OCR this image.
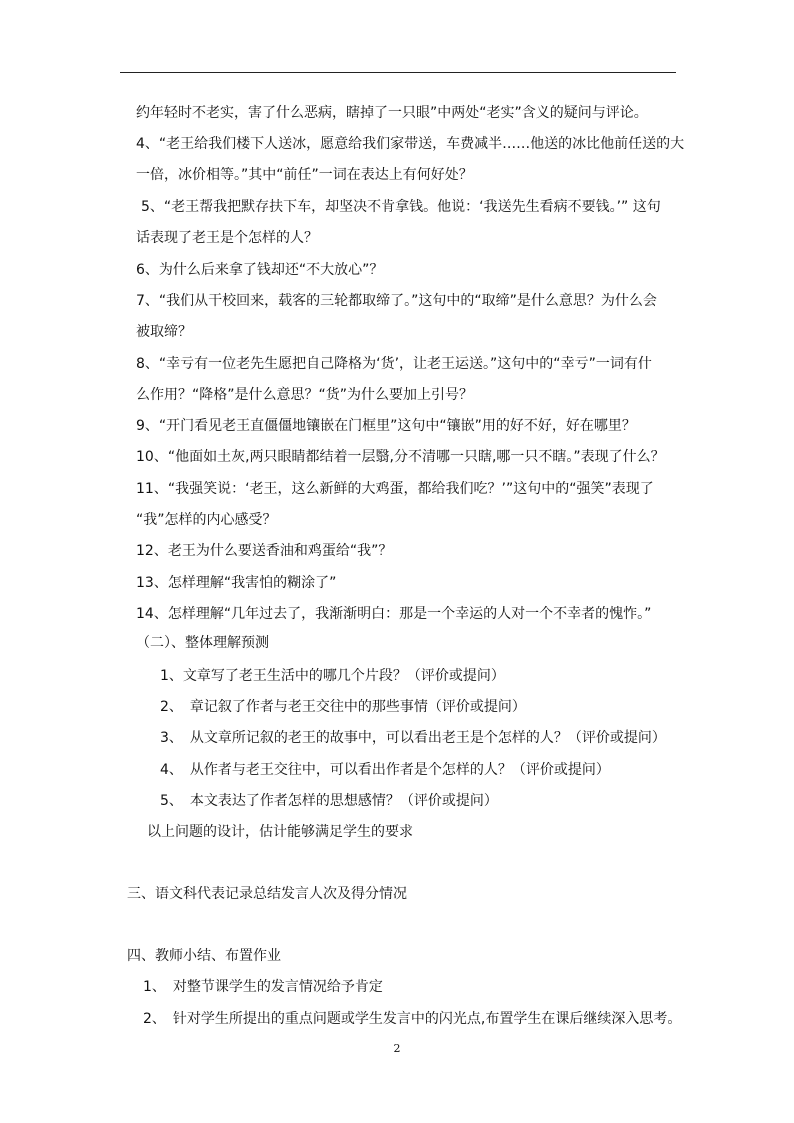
约年轻时不老实，害了什么恶病，瞎掉了一只眼”中两处“老实”含义的疑问与评论。
4、“老王给我们楼下人送冰，愿意给我们家带送，车费减半……他送的冰比他前任送的大
一倍，冰价相等。”其中“前任”一词在表达上有何好处？
5、“老王帮我把默存扶下车，却坚决不肯拿钱。他说：‘我送先生看病不要钱。’” 这句
话表现了老王是个怎样的人？
6、为什么后来拿了钱却还“不大放心”？
7、“我们从干校回来，载客的三轮都取缔了。”这句中的“取缔”是什么意思？为什么会
被取缔？
8、“幸亏有一位老先生愿把自己降格为‘货’，让老王运送。”这句中的“幸亏”一词有什
么作用？“降格”是什么意思？“货”为什么要加上引号？
9、“开门看见老王直僵僵地镶嵌在门框里”这句中“镶嵌”用的好不好，好在哪里？
10、“他面如土灰,两只眼睛都结着一层翳,分不清哪一只瞎,哪一只不瞎。”表现了什么？
11、“我强笑说：‘老王，这么新鲜的大鸡蛋，都给我们吃？’”这句中的“强笑”表现了
“我”怎样的内心感受？
12、老王为什么要送香油和鸡蛋给“我”？
13、怎样理解“我害怕的糊涂了”
14、怎样理解“几年过去了，我渐渐明白：那是一个幸运的人对一个不幸者的愧怍。”
（二）、整体理解预测
1、文章写了老王生活中的哪几个片段？（评价或提问）
2、　章记叙了作者与老王交往中的那些事情（评价或提问）
3、　从文章所记叙的老王的故事中，可以看出老王是个怎样的人？（评价或提问）
4、　从作者与老王交往中，可以看出作者是个怎样的人？（评价或提问）
5、　本文表达了作者怎样的思想感情？（评价或提问）
以上问题的设计，估计能够满足学生的要求
三、语文科代表记录总结发言人次及得分情况
四、教师小结、布置作业
1、　对整节课学生的发言情况给予肯定
2、　针对学生所提出的重点问题或学生发言中的闪光点,布置学生在课后继续深入思考。
2
